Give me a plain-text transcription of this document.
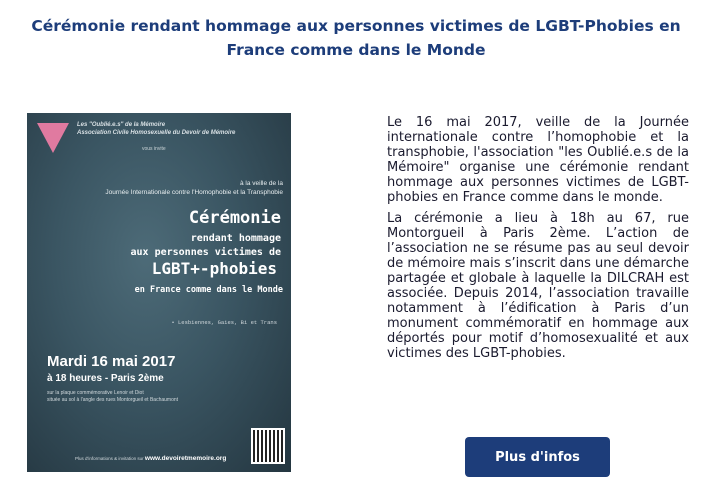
Cérémonie rendant hommage aux personnes victimes de LGBT-Phobies en France comme dans le Monde
Les "Oublié.e.s" de la Mémoire
Association Civile Homosexuelle du Devoir de Mémoire
vous invite
à la veille de la
Journée Internationale contre l'Homophobie et la Transphobie
Cérémonie
rendant hommage
aux personnes victimes de
LGBT+-phobies
en France comme dans le Monde
• Lesbiennes, Gaies, Bi et Trans
Mardi 16 mai 2017
à 18 heures - Paris 2ème
sur la plaque commémorative Lenoir et Diot
située au sol à l'angle des rues Montorgueil et Bachaumont
Plus d'informations & invitation sur www.devoiretmemoire.org

Le 16 mai 2017, veille de la Journée internationale contre l’homophobie et la transphobie, l'association "les Oublié.e.s de la Mémoire" organise une cérémonie rendant hommage aux personnes victimes de LGBT-phobies en France comme dans le monde.

La cérémonie a lieu à 18h au 67, rue Montorgueil à Paris 2ème. L’action de l’association ne se résume pas au seul devoir de mémoire mais s’inscrit dans une démarche partagée et globale à laquelle la DILCRAH est associée. Depuis 2014, l’association travaille notamment à l’édification à Paris d’un monument commémoratif en hommage aux déportés pour motif d’homosexualité et aux victimes des LGBT-phobies.

Plus d'infos
